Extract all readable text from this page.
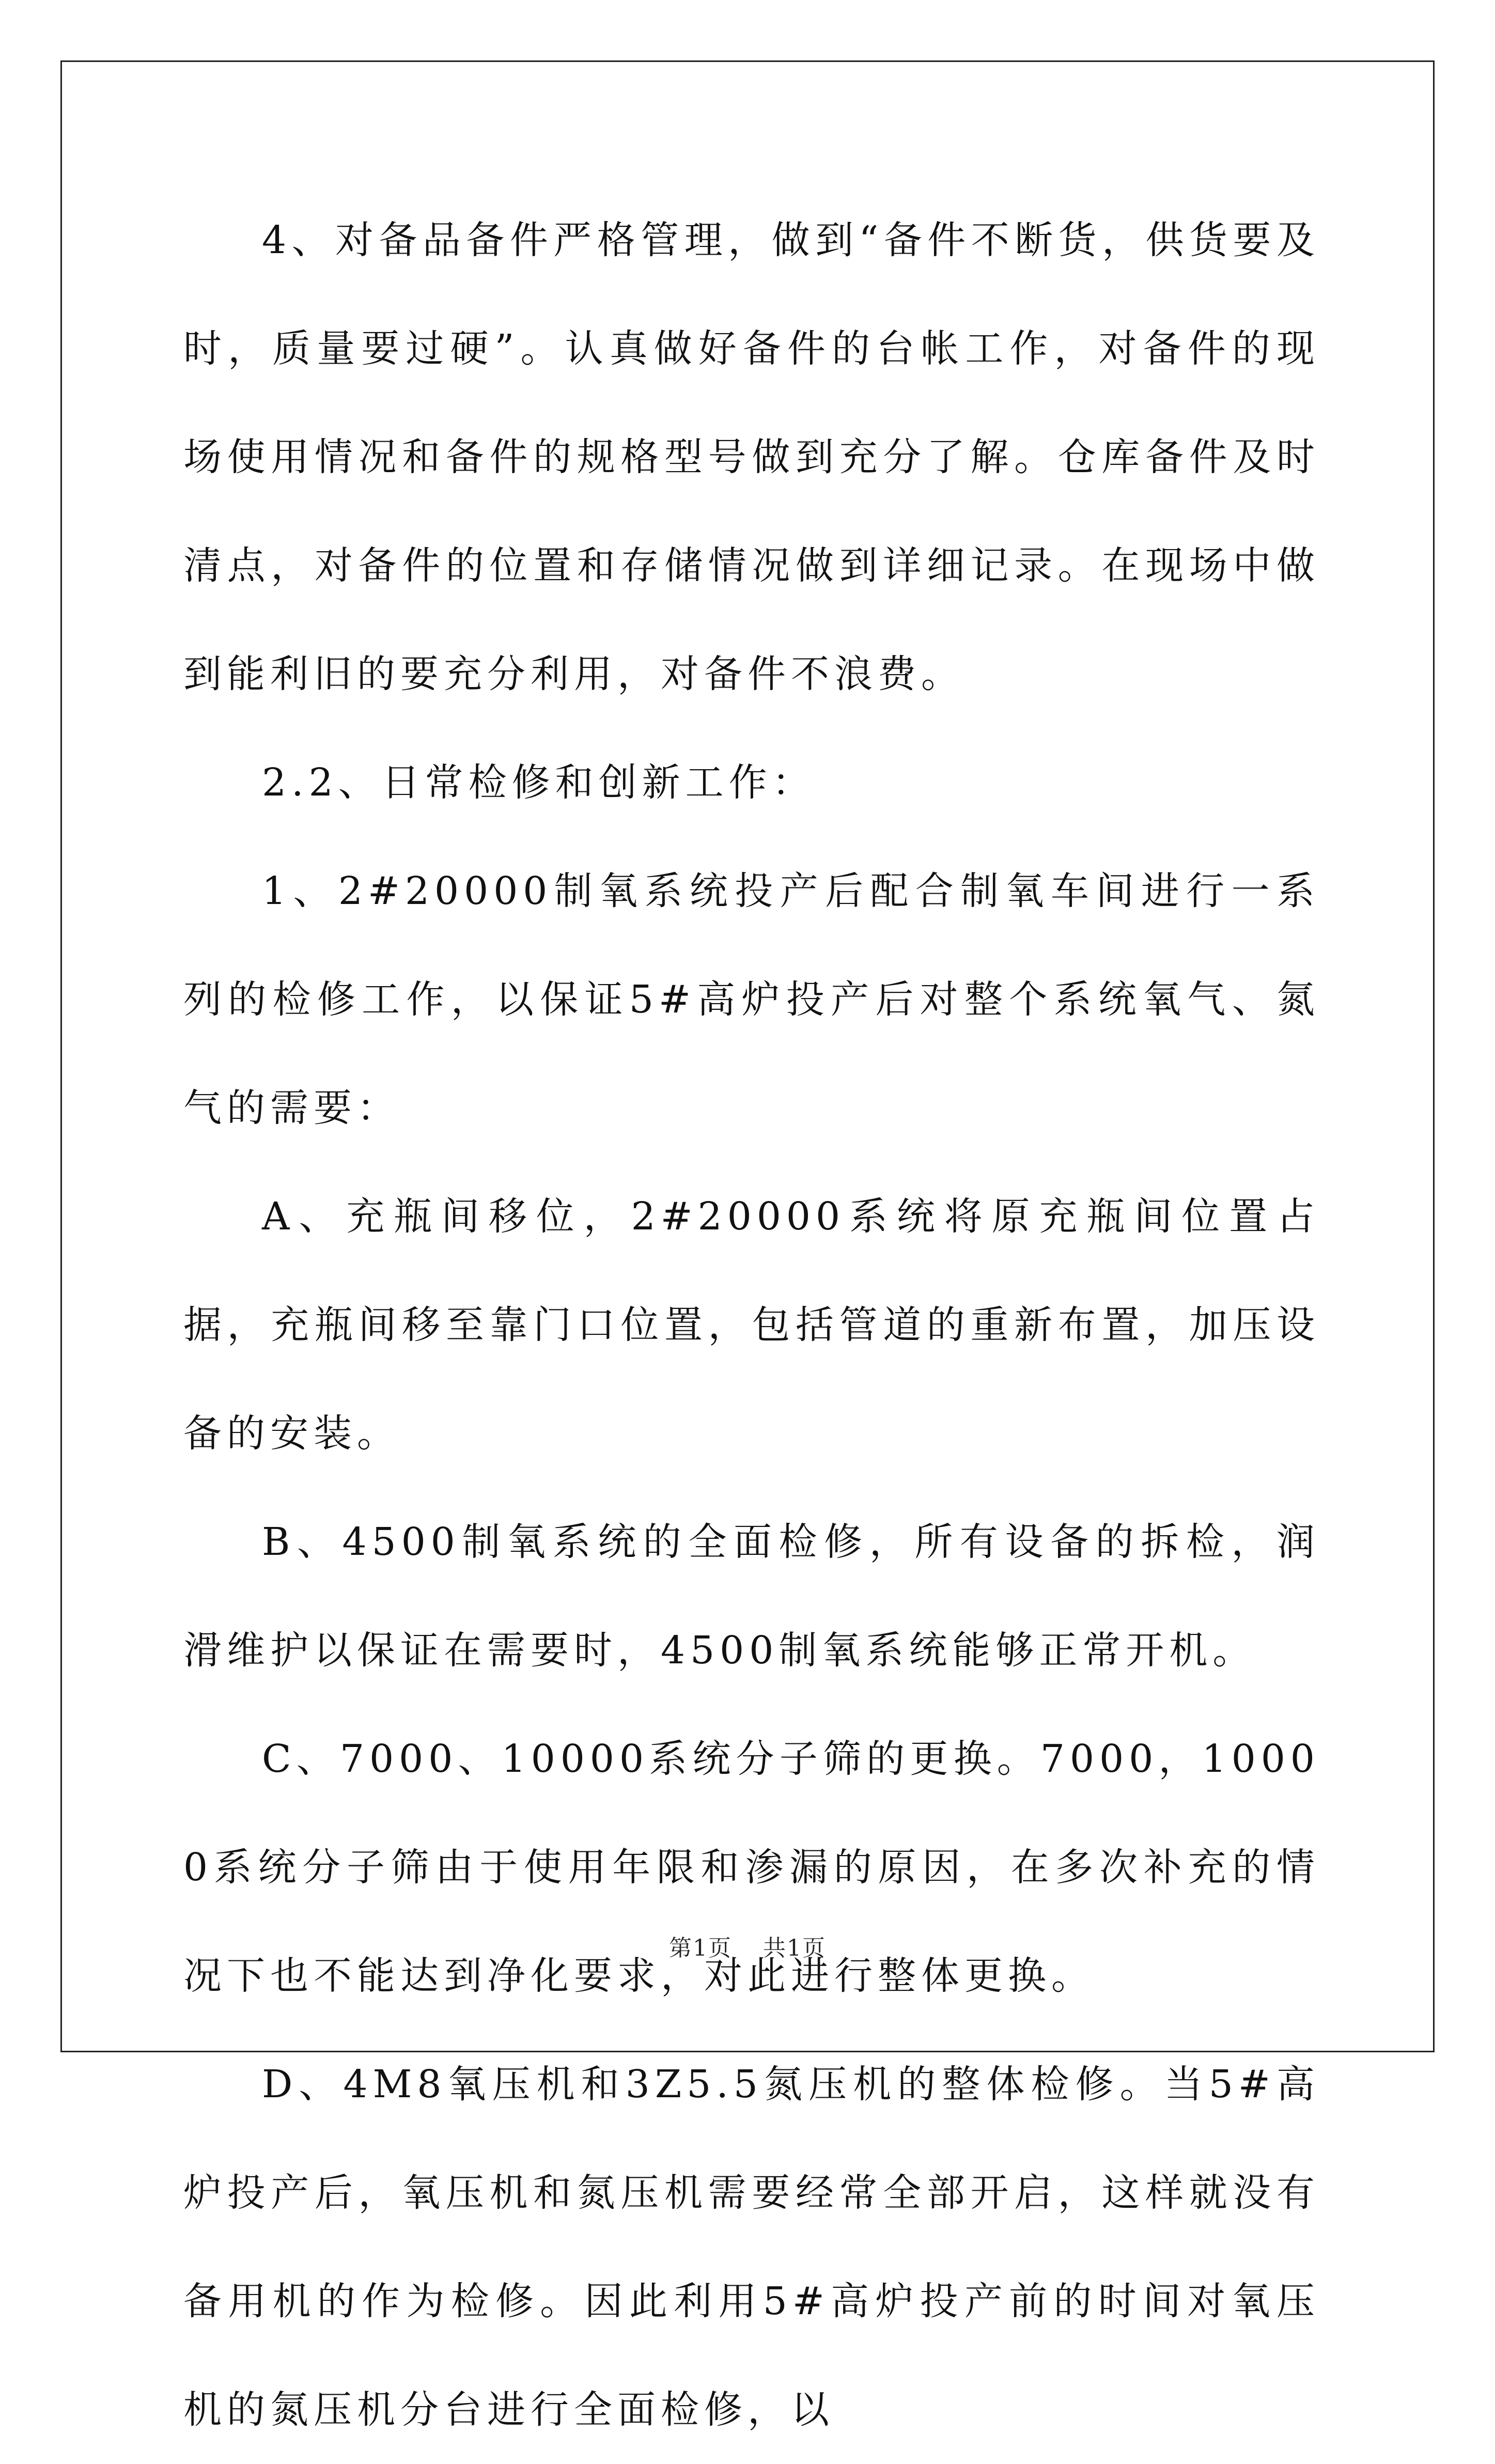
4、对备品备件严格管理，做到“备件不断货，供货要及时，质量要过硬”。认真做好备件的台帐工作，对备件的现场使用情况和备件的规格型号做到充分了解。仓库备件及时清点，对备件的位置和存储情况做到详细记录。在现场中做到能利旧的要充分利用，对备件不浪费。

2.2、日常检修和创新工作：

1、2#20000制氧系统投产后配合制氧车间进行一系列的检修工作，以保证5#高炉投产后对整个系统氧气、氮气的需要：

A、充瓶间移位，2#20000系统将原充瓶间位置占据，充瓶间移至靠门口位置，包括管道的重新布置，加压设备的安装。

B、4500制氧系统的全面检修，所有设备的拆检，润滑维护以保证在需要时，4500制氧系统能够正常开机。

C、7000、10000系统分子筛的更换。7000，10000系统分子筛由于使用年限和渗漏的原因，在多次补充的情况下也不能达到净化要求，对此进行整体更换。

D、4M8氧压机和3Z5.5氮压机的整体检修。当5#高炉投产后，氧压机和氮压机需要经常全部开启，这样就没有备用机的作为检修。因此利用5#高炉投产前的时间对氧压机的氮压机分台进行全面检修，以

第1页 共1页
